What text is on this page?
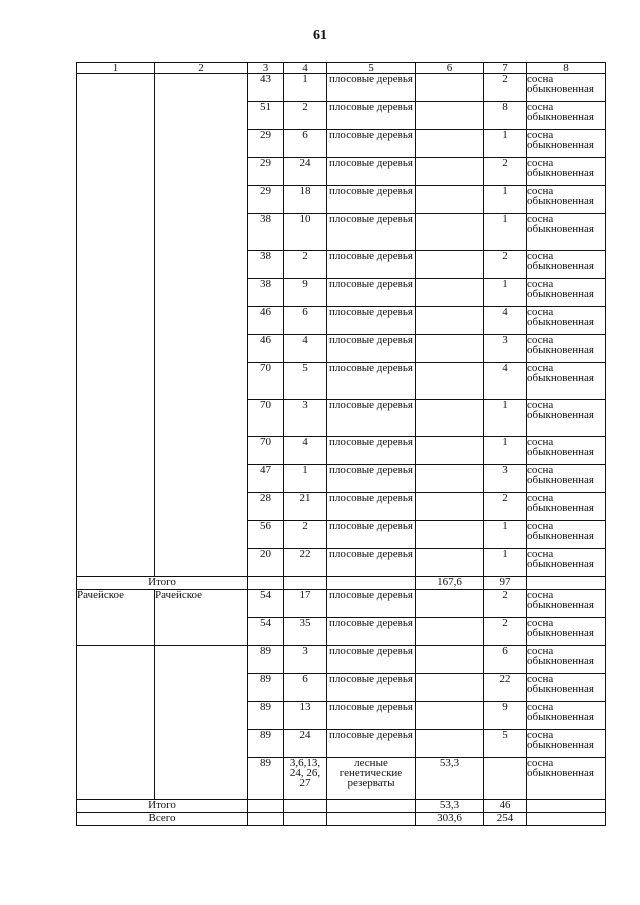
61
1	2	3	4	5	6	7	8
		43	1	плосовые деревья		2	сосна обыкновенная
		51	2	плосовые деревья		8	сосна обыкновенная
		29	6	плосовые деревья		1	сосна обыкновенная
		29	24	плосовые деревья		2	сосна обыкновенная
		29	18	плосовые деревья		1	сосна обыкновенная
		38	10	плосовые деревья		1	сосна обыкновенная
		38	2	плосовые деревья		2	сосна обыкновенная
		38	9	плосовые деревья		1	сосна обыкновенная
		46	6	плосовые деревья		4	сосна обыкновенная
		46	4	плосовые деревья		3	сосна обыкновенная
		70	5	плосовые деревья		4	сосна обыкновенная
		70	3	плосовые деревья		1	сосна обыкновенная
		70	4	плосовые деревья		1	сосна обыкновенная
		47	1	плосовые деревья		3	сосна обыкновенная
		28	21	плосовые деревья		2	сосна обыкновенная
		56	2	плосовые деревья		1	сосна обыкновенная
		20	22	плосовые деревья		1	сосна обыкновенная
Итого					167,6	97	
Рачейское	Рачейское	54	17	плосовые деревья		2	сосна обыкновенная
		54	35	плосовые деревья		2	сосна обыкновенная
		89	3	плосовые деревья		6	сосна обыкновенная
		89	6	плосовые деревья		22	сосна обыкновенная
		89	13	плосовые деревья		9	сосна обыкновенная
		89	24	плосовые деревья		5	сосна обыкновенная
		89	3,6,13, 24, 26, 27	лесные генетические резерваты	53,3		сосна обыкновенная
Итого					53,3	46	
Всего					303,6	254	
